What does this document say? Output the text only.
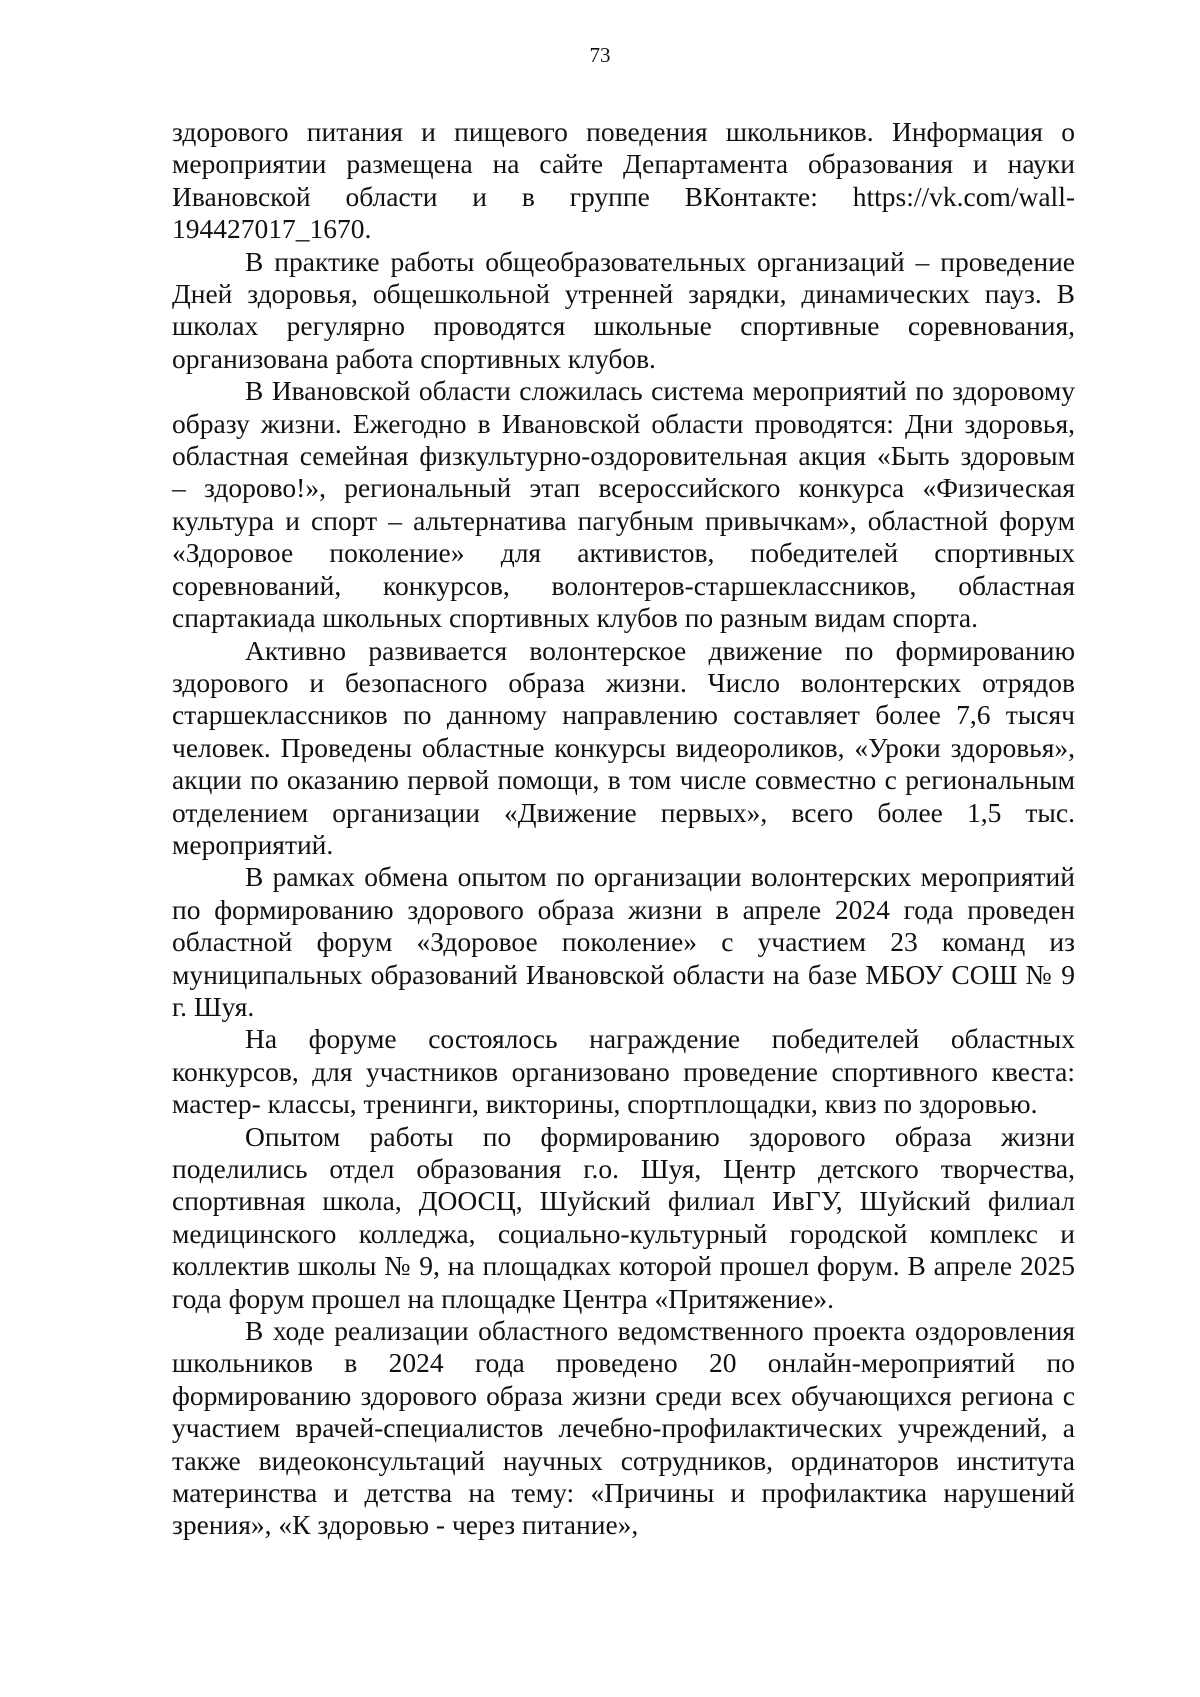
73

здорового питания и пищевого поведения школьников. Информация о мероприятии размещена на сайте Департамента образования и науки Ивановской области и в группе ВКонтакте: https://vk.com/wall-194427017_1670.

В практике работы общеобразовательных организаций – проведение Дней здоровья, общешкольной утренней зарядки, динамических пауз. В школах регулярно проводятся школьные спортивные соревнования, организована работа спортивных клубов.

В Ивановской области сложилась система мероприятий по здоровому образу жизни. Ежегодно в Ивановской области проводятся: Дни здоровья, областная семейная физкультурно-оздоровительная акция «Быть здоровым – здорово!», региональный этап всероссийского конкурса «Физическая культура и спорт – альтернатива пагубным привычкам», областной форум «Здоровое поколение» для активистов, победителей спортивных соревнований, конкурсов, волонтеров-старшеклассников, областная спартакиада школьных спортивных клубов по разным видам спорта.

Активно развивается волонтерское движение по формированию здорового и безопасного образа жизни. Число волонтерских отрядов старшеклассников по данному направлению составляет более 7,6 тысяч человек. Проведены областные конкурсы видеороликов, «Уроки здоровья», акции по оказанию первой помощи, в том числе совместно с региональным отделением организации «Движение первых», всего более 1,5 тыс. мероприятий.

В рамках обмена опытом по организации волонтерских мероприятий по формированию здорового образа жизни в апреле 2024 года проведен областной форум «Здоровое поколение» с участием 23 команд из муниципальных образований Ивановской области на базе МБОУ СОШ № 9 г. Шуя.

На форуме состоялось награждение победителей областных конкурсов, для участников организовано проведение спортивного квеста: мастер- классы, тренинги, викторины, спортплощадки, квиз по здоровью.

Опытом работы по формированию здорового образа жизни поделились отдел образования г.о. Шуя, Центр детского творчества, спортивная школа, ДООСЦ, Шуйский филиал ИвГУ, Шуйский филиал медицинского колледжа, социально-культурный городской комплекс и коллектив школы № 9, на площадках которой прошел форум. В апреле 2025 года форум прошел на площадке Центра «Притяжение».

В ходе реализации областного ведомственного проекта оздоровления школьников в 2024 года проведено 20 онлайн-мероприятий по формированию здорового образа жизни среди всех обучающихся региона с участием врачей-специалистов лечебно-профилактических учреждений, а также видеоконсультаций научных сотрудников, ординаторов института материнства и детства на тему: «Причины и профилактика нарушений зрения», «К здоровью - через питание»,
